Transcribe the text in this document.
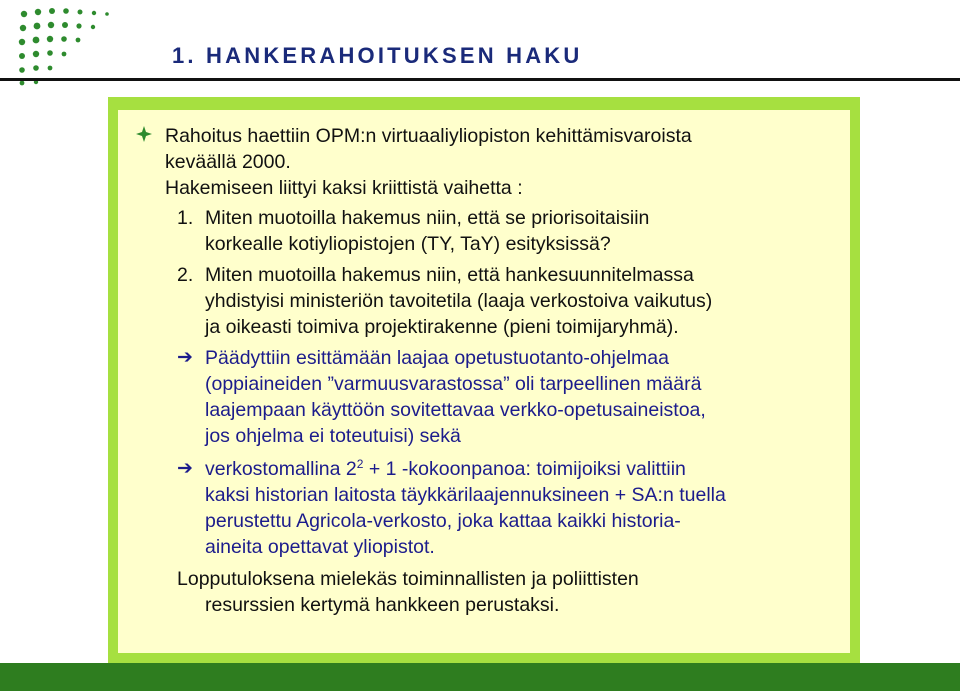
1. HANKERAHOITUKSEN HAKU
Rahoitus haettiin OPM:n virtuaaliyliopiston kehittämisvaroista
keväällä 2000.
Hakemiseen liittyi kaksi kriittistä vaihetta :
1. Miten muotoilla hakemus niin, että se priorisoitaisiin
korkealle kotiyliopistojen (TY, TaY) esityksissä?
2. Miten muotoilla hakemus niin, että hankesuunnitelmassa
yhdistyisi ministeriön tavoitetila (laaja verkostoiva vaikutus)
ja oikeasti toimiva projektirakenne (pieni toimijaryhmä).
➔ Päädyttiin esittämään laajaa opetustuotanto-ohjelmaa
(oppiaineiden ”varmuusvarastossa” oli tarpeellinen määrä
laajempaan käyttöön sovitettavaa verkko-opetusaineistoa,
jos ohjelma ei toteutuisi) sekä
➔ verkostomallina $2^2 + 1$ -kokoonpanoa: toimijoiksi valittiin
kaksi historian laitosta täykkärilaajennuksineen + SA:n tuella
perustettu Agricola-verkosto, joka kattaa kaikki historia-
aineita opettavat yliopistot.
Lopputuloksena mielekäs toiminnallisten ja poliittisten
resurssien kertymä hankkeen perustaksi.
